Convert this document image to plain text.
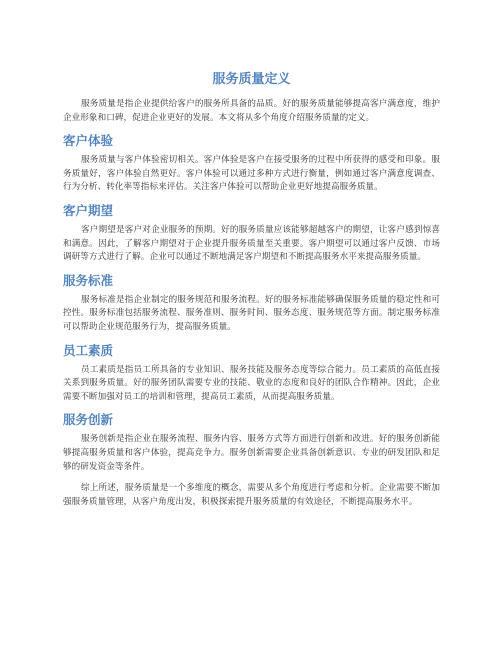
服务质量定义

服务质量是指企业提供给客户的服务所具备的品质。好的服务质量能够提高客户满意度，维护企业形象和口碑，促进企业更好的发展。本文将从多个角度介绍服务质量的定义。

客户体验

服务质量与客户体验密切相关。客户体验是客户在接受服务的过程中所获得的感受和印象。服务质量好，客户体验自然更好。客户体验可以通过多种方式进行衡量，例如通过客户满意度调查、行为分析、转化率等指标来评估。关注客户体验可以帮助企业更好地提高服务质量。

客户期望

客户期望是客户对企业服务的预期。好的服务质量应该能够超越客户的期望，让客户感到惊喜和满意。因此，了解客户期望对于企业提升服务质量至关重要。客户期望可以通过客户反馈、市场调研等方式进行了解。企业可以通过不断地满足客户期望和不断提高服务水平来提高服务质量。

服务标准

服务标准是指企业制定的服务规范和服务流程。好的服务标准能够确保服务质量的稳定性和可控性。服务标准包括服务流程、服务准则、服务时间、服务态度、服务规范等方面。制定服务标准可以帮助企业规范服务行为，提高服务质量。

员工素质

员工素质是指员工所具备的专业知识、服务技能及服务态度等综合能力。员工素质的高低直接关系到服务质量。好的服务团队需要专业的技能、敬业的态度和良好的团队合作精神。因此，企业需要不断加强对员工的培训和管理，提高员工素质，从而提高服务质量。

服务创新

服务创新是指企业在服务流程、服务内容、服务方式等方面进行创新和改进。好的服务创新能够提高服务质量和客户体验，提高竞争力。服务创新需要企业具备创新意识、专业的研发团队和足够的研发资金等条件。

综上所述，服务质量是一个多维度的概念，需要从多个角度进行考虑和分析。企业需要不断加强服务质量管理，从客户角度出发，积极探索提升服务质量的有效途径，不断提高服务水平。
